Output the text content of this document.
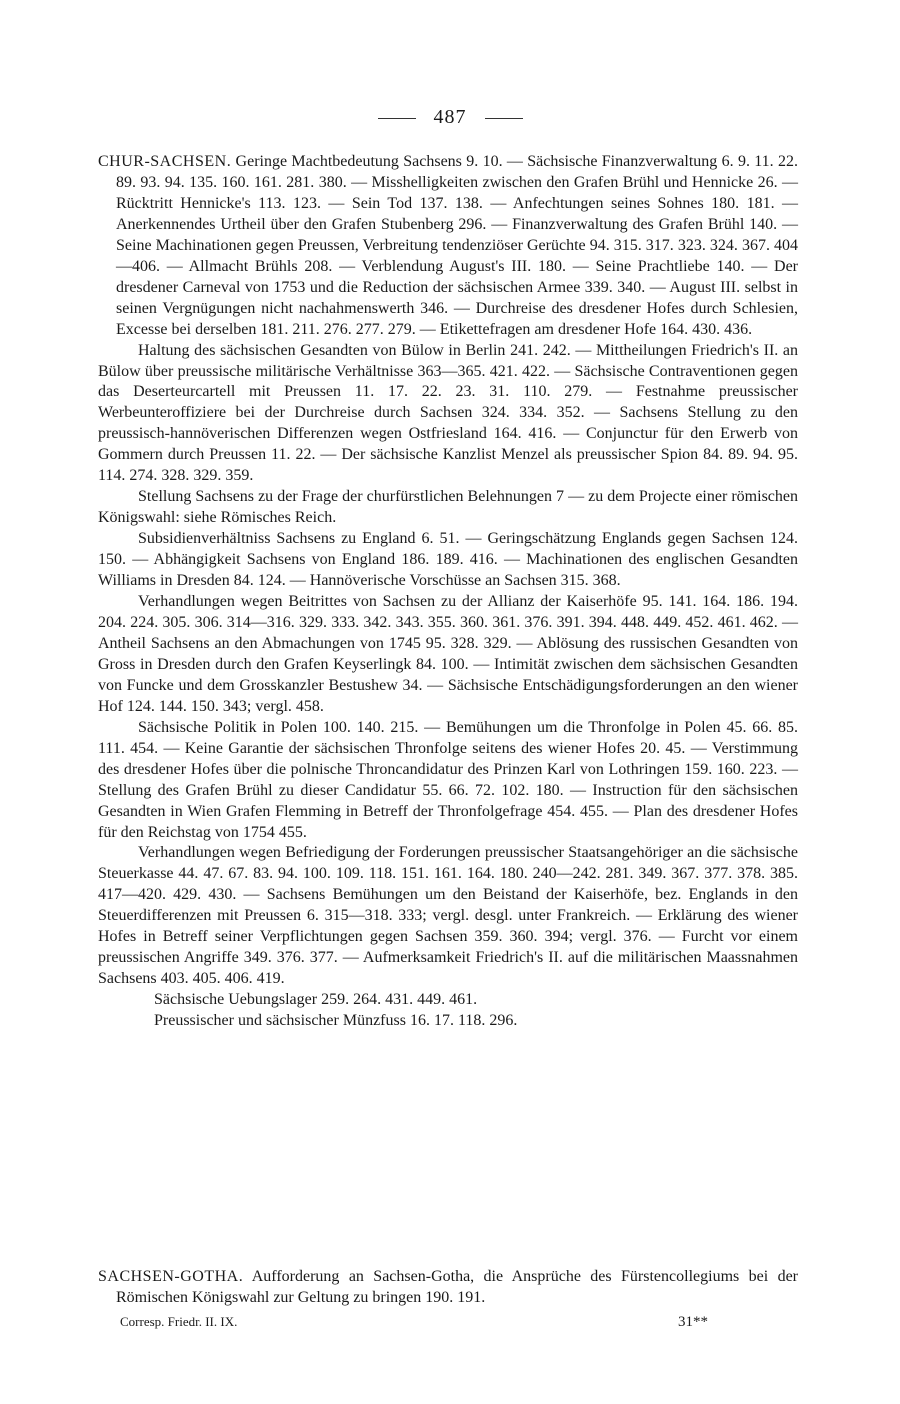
487

CHUR-SACHSEN. Geringe Machtbedeutung Sachsens 9. 10. — Sächsische Finanzverwaltung 6. 9. 11. 22. 89. 93. 94. 135. 160. 161. 281. 380. — Misshelligkeiten zwischen den Grafen Brühl und Hennicke 26. — Rücktritt Hennicke's 113. 123. — Sein Tod 137. 138. — Anfechtungen seines Sohnes 180. 181. — Anerkennendes Urtheil über den Grafen Stubenberg 296. — Finanzverwaltung des Grafen Brühl 140. — Seine Machinationen gegen Preussen, Verbreitung tendenziöser Gerüchte 94. 315. 317. 323. 324. 367. 404—406. — Allmacht Brühls 208. — Verblendung August's III. 180. — Seine Prachtliebe 140. — Der dresdener Carneval von 1753 und die Reduction der sächsischen Armee 339. 340. — August III. selbst in seinen Vergnügungen nicht nachahmenswerth 346. — Durchreise des dresdener Hofes durch Schlesien, Excesse bei derselben 181. 211. 276. 277. 279. — Etikettefragen am dresdener Hofe 164. 430. 436.

Haltung des sächsischen Gesandten von Bülow in Berlin 241. 242. — Mittheilungen Friedrich's II. an Bülow über preussische militärische Verhältnisse 363—365. 421. 422. — Sächsische Contraventionen gegen das Deserteurcartell mit Preussen 11. 17. 22. 23. 31. 110. 279. — Festnahme preussischer Werbeunteroffiziere bei der Durchreise durch Sachsen 324. 334. 352. — Sachsens Stellung zu den preussisch-hannöverischen Differenzen wegen Ostfriesland 164. 416. — Conjunctur für den Erwerb von Gommern durch Preussen 11. 22. — Der sächsische Kanzlist Menzel als preussischer Spion 84. 89. 94. 95. 114. 274. 328. 329. 359.

Stellung Sachsens zu der Frage der churfürstlichen Belehnungen 7 — zu dem Projecte einer römischen Königswahl: siehe Römisches Reich.

Subsidienverhältniss Sachsens zu England 6. 51. — Geringschätzung Englands gegen Sachsen 124. 150. — Abhängigkeit Sachsens von England 186. 189. 416. — Machinationen des englischen Gesandten Williams in Dresden 84. 124. — Hannöverische Vorschüsse an Sachsen 315. 368.

Verhandlungen wegen Beitrittes von Sachsen zu der Allianz der Kaiserhöfe 95. 141. 164. 186. 194. 204. 224. 305. 306. 314—316. 329. 333. 342. 343. 355. 360. 361. 376. 391. 394. 448. 449. 452. 461. 462. — Antheil Sachsens an den Abmachungen von 1745 95. 328. 329. — Ablösung des russischen Gesandten von Gross in Dresden durch den Grafen Keyserlingk 84. 100. — Intimität zwischen dem sächsischen Gesandten von Funcke und dem Grosskanzler Bestushew 34. — Sächsische Entschädigungsforderungen an den wiener Hof 124. 144. 150. 343; vergl. 458.

Sächsische Politik in Polen 100. 140. 215. — Bemühungen um die Thronfolge in Polen 45. 66. 85. 111. 454. — Keine Garantie der sächsischen Thronfolge seitens des wiener Hofes 20. 45. — Verstimmung des dresdener Hofes über die polnische Throncandidatur des Prinzen Karl von Lothringen 159. 160. 223. — Stellung des Grafen Brühl zu dieser Candidatur 55. 66. 72. 102. 180. — Instruction für den sächsischen Gesandten in Wien Grafen Flemming in Betreff der Thronfolgefrage 454. 455. — Plan des dresdener Hofes für den Reichstag von 1754 455.

Verhandlungen wegen Befriedigung der Forderungen preussischer Staatsangehöriger an die sächsische Steuerkasse 44. 47. 67. 83. 94. 100. 109. 118. 151. 161. 164. 180. 240—242. 281. 349. 367. 377. 378. 385. 417—420. 429. 430. — Sachsens Bemühungen um den Beistand der Kaiserhöfe, bez. Englands in den Steuerdifferenzen mit Preussen 6. 315—318. 333; vergl. desgl. unter Frankreich. — Erklärung des wiener Hofes in Betreff seiner Verpflichtungen gegen Sachsen 359. 360. 394; vergl. 376. — Furcht vor einem preussischen Angriffe 349. 376. 377. — Aufmerksamkeit Friedrich's II. auf die militärischen Maassnahmen Sachsens 403. 405. 406. 419.

Sächsische Uebungslager 259. 264. 431. 449. 461.

Preussischer und sächsischer Münzfuss 16. 17. 118. 296.

SACHSEN-GOTHA. Aufforderung an Sachsen-Gotha, die Ansprüche des Fürstencollegiums bei der Römischen Königswahl zur Geltung zu bringen 190. 191.

Corresp. Friedr. II. IX.	31**
